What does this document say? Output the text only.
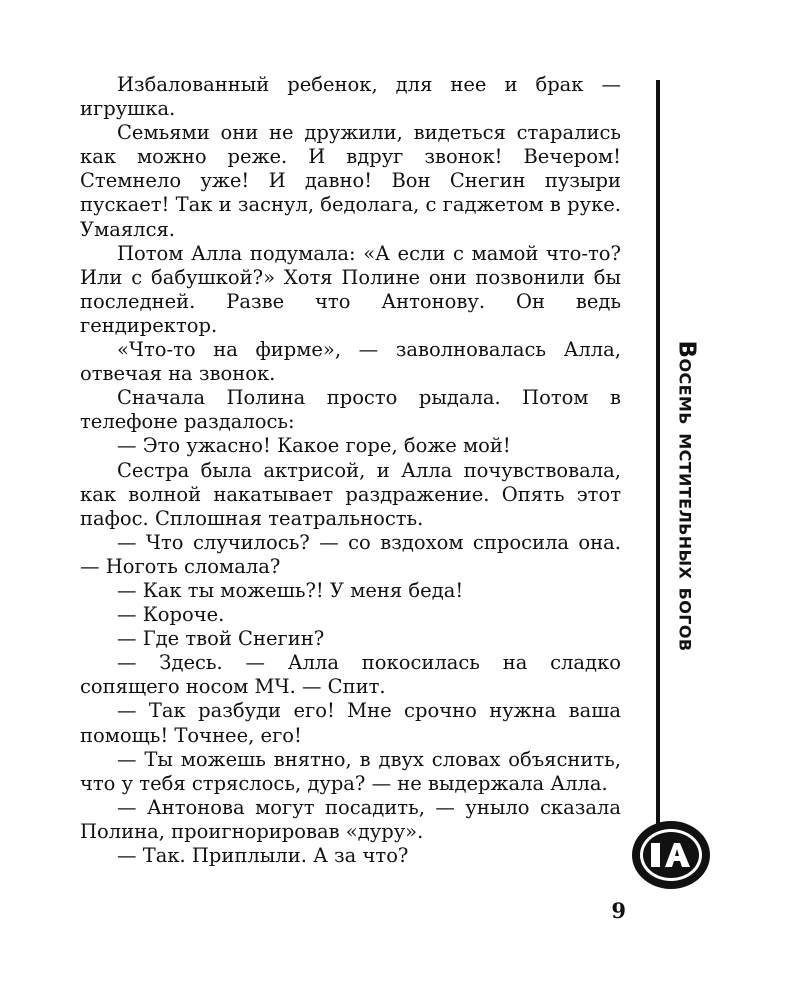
Избалованный ребенок, для нее и брак — игрушка.

Семьями они не дружили, видеться старались как можно реже. И вдруг звонок! Вечером! Стемнело уже! И давно! Вон Снегин пузыри пускает! Так и заснул, бедолага, с гаджетом в руке. Умаялся.

Потом Алла подумала: «А если с мамой что-то? Или с бабушкой?» Хотя Полине они позвонили бы последней. Разве что Антонову. Он ведь гендиректор.

«Что-то на фирме», — заволновалась Алла, отвечая на звонок.

Сначала Полина просто рыдала. Потом в телефоне раздалось:

— Это ужасно! Какое горе, боже мой!

Сестра была актрисой, и Алла почувствовала, как волной накатывает раздражение. Опять этот пафос. Сплошная театральность.

— Что случилось? — со вздохом спросила она. — Ноготь сломала?

— Как ты можешь?! У меня беда!

— Короче.

— Где твой Снегин?

— Здесь. — Алла покосилась на сладко сопящего носом МЧ. — Спит.

— Так разбуди его! Мне срочно нужна ваша помощь! Точнее, его!

— Ты можешь внятно, в двух словах объяснить, что у тебя стряслось, дура? — не выдержала Алла.

— Антонова могут посадить, — уныло сказала Полина, проигнорировав «дуру».

— Так. Приплыли. А за что?

Восемь мстительных богов
9
